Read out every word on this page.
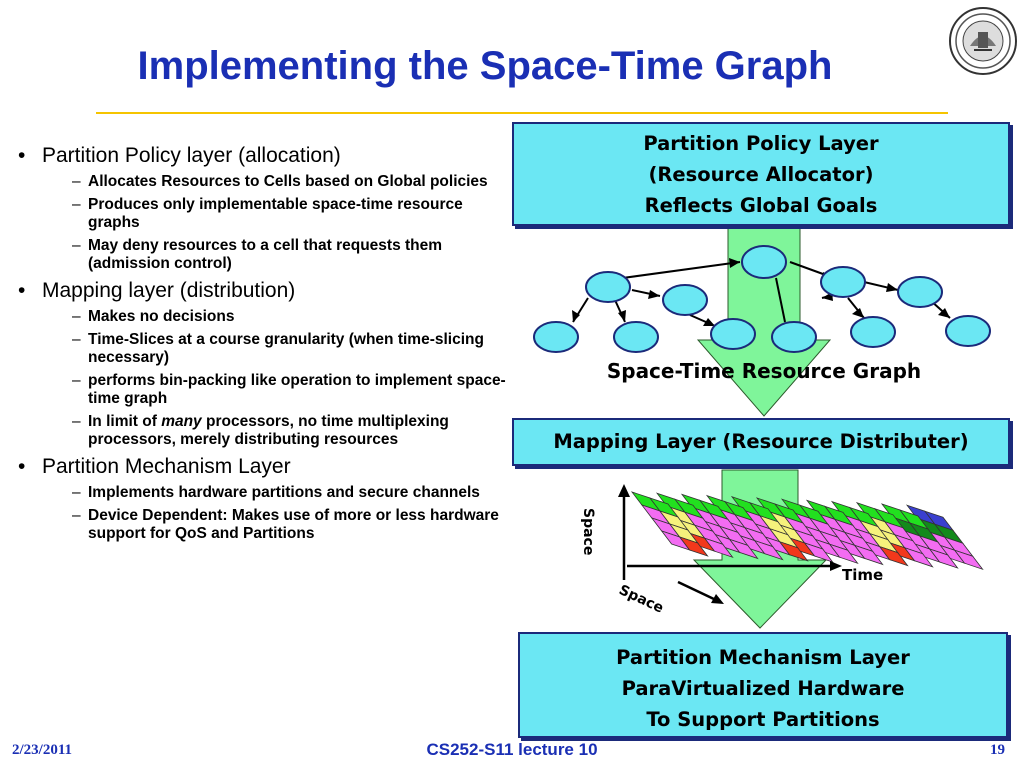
Implementing the Space-Time Graph
• Partition Policy layer (allocation)
– Allocates Resources to Cells based on Global policies
– Produces only implementable space-time resource graphs
– May deny resources to a cell that requests them (admission control)
• Mapping layer (distribution)
– Makes no decisions
– Time-Slices at a course granularity (when time-slicing necessary)
– performs bin-packing like operation to implement space-time graph
– In limit of many processors, no time multiplexing processors, merely distributing resources
• Partition Mechanism Layer
– Implements hardware partitions and secure channels
– Device Dependent: Makes use of more or less hardware support for QoS and Partitions
Space-Time Resource Graph
Space
Time
Space
Partition Policy Layer
(Resource Allocator)
Reflects Global Goals
Mapping Layer (Resource Distributer)
Partition Mechanism Layer
ParaVirtualized Hardware
To Support Partitions
2/23/2011	CS252-S11 lecture 10	19
